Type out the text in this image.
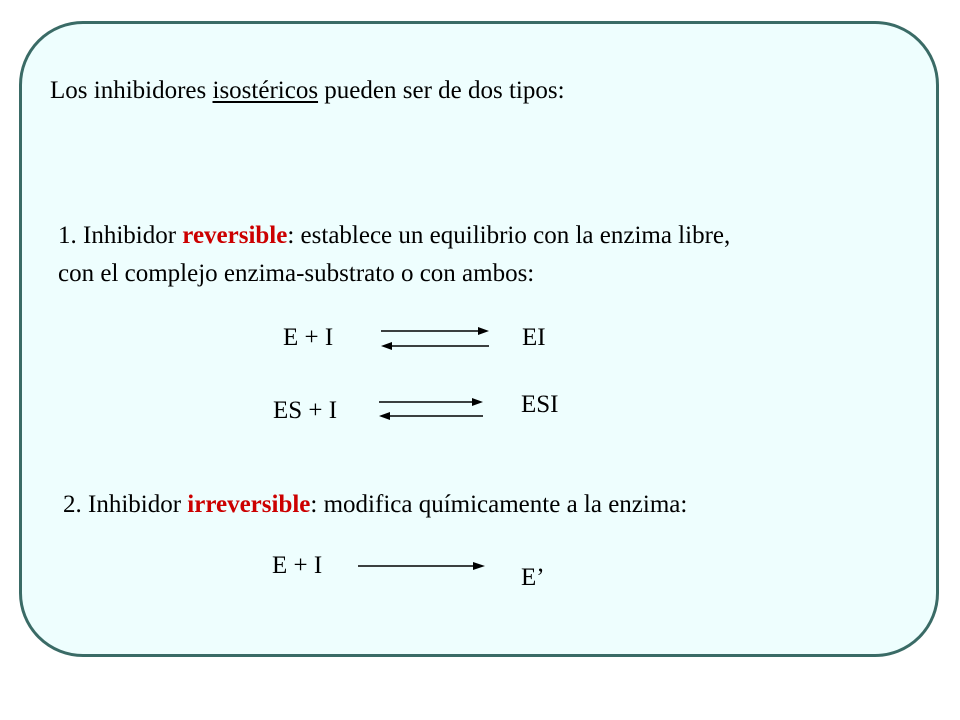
Los inhibidores isostéricos pueden ser de dos tipos:
1. Inhibidor reversible: establece un equilibrio con la enzima libre,
con el complejo enzima-substrato o con ambos:
E + I	EI
ES + I	ESI
2. Inhibidor irreversible: modifica químicamente a la enzima:
E + I	E’
